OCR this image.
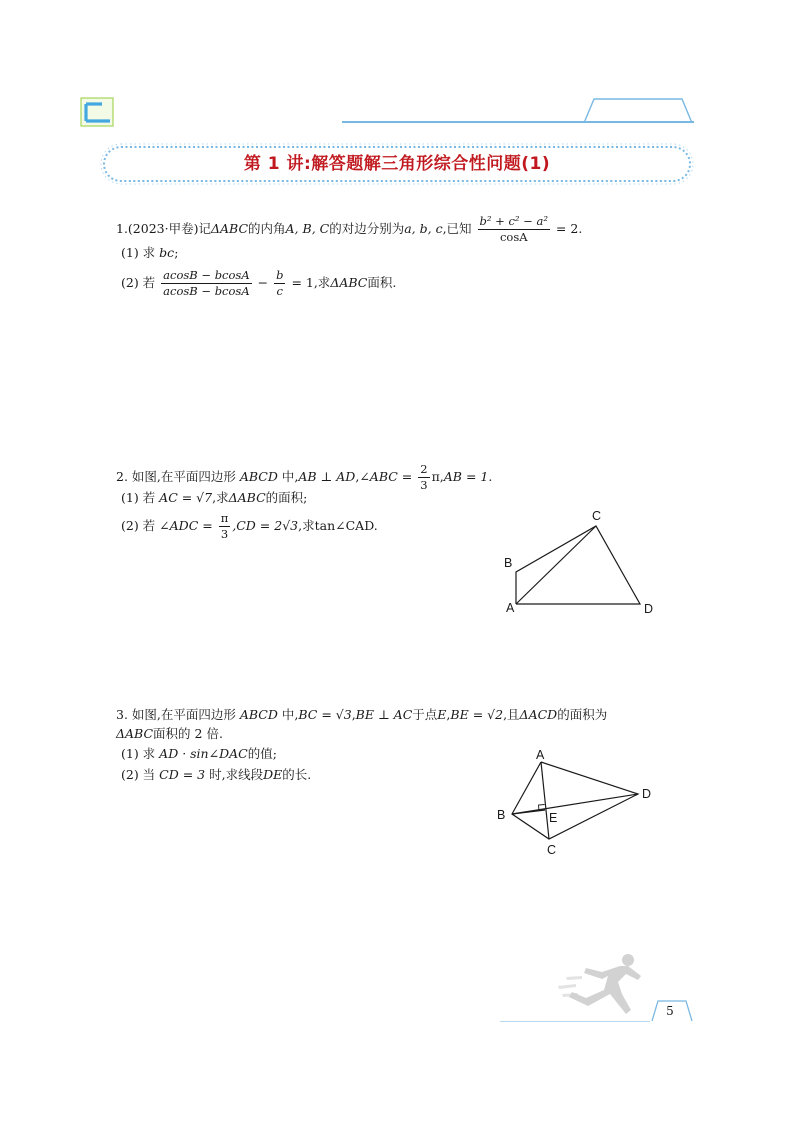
第 1 讲:解答题解三角形综合性问题(1)
1.(2023·甲卷)记ΔABC的内角A, B, C的对边分别为a, b, c,已知 $\frac{\text{b² + c² − a²}}{\cos A} = 2$.
(1) 求 bc;
(2) 若 $\frac{acosB - bcosA}{acosB - bcosA} - \frac{b}{c} = 1$,求ΔABC面积.
2. 如图,在平面四边形 ABCD 中,AB ⊥ AD,∠ABC = $\frac{2}{3} \pi,AB = 1$.
(1) 若 AC = √7,求ΔABC的面积;
(2) 若 ∠ADC = $\frac{\pi}{3} ,CD = 2√3$,求tan∠CAD.
A
B
C
D
3. 如图,在平面四边形 ABCD 中,BC = √3,BE ⊥ AC于点E,BE = √2,且ΔACD的面积为
ΔABC面积的 2 倍.
(1) 求 AD · sin∠DAC的值;
(2) 当 CD = 3 时,求线段DE的长.
A
B
C
D
E
5
